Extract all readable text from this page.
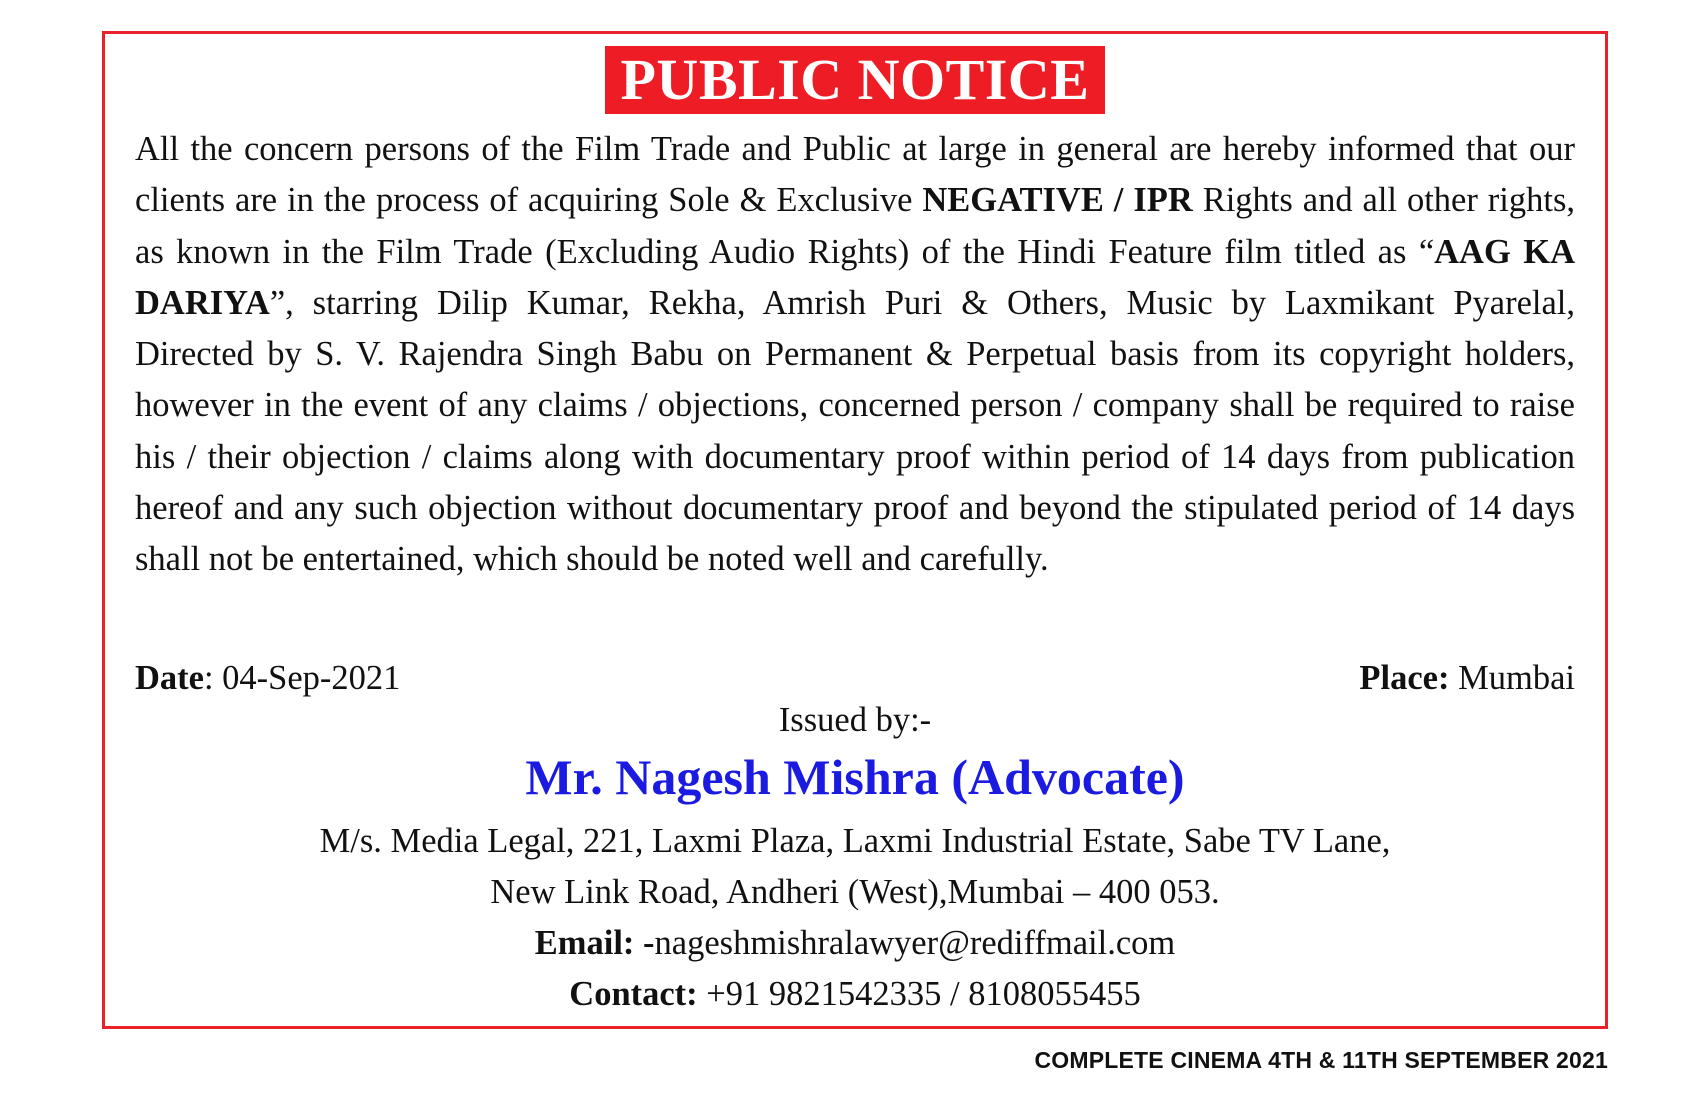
PUBLIC NOTICE
All the concern persons of the Film Trade and Public at large in general are hereby informed that our clients are in the process of acquiring Sole & Exclusive NEGATIVE / IPR Rights and all other rights, as known in the Film Trade (Excluding Audio Rights) of the Hindi Feature film titled as “AAG KA DARIYA”, starring Dilip Kumar, Rekha, Amrish Puri & Others, Music by Laxmikant Pyarelal, Directed by S. V. Rajendra Singh Babu on Permanent & Perpetual basis from its copyright holders, however in the event of any claims / objections, concerned person / company shall be required to raise his / their objection / claims along with documentary proof within period of 14 days from publication hereof and any such objection without documentary proof and beyond the stipulated period of 14 days shall not be entertained, which should be noted well and carefully.
Date: 04-Sep-2021	Place: Mumbai
Issued by:-
Mr. Nagesh Mishra (Advocate)
M/s. Media Legal, 221, Laxmi Plaza, Laxmi Industrial Estate, Sabe TV Lane,
New Link Road, Andheri (West),Mumbai – 400 053.
Email: -nageshmishralawyer@rediffmail.com
Contact: +91 9821542335 / 8108055455
COMPLETE CINEMA 4TH & 11TH SEPTEMBER 2021
